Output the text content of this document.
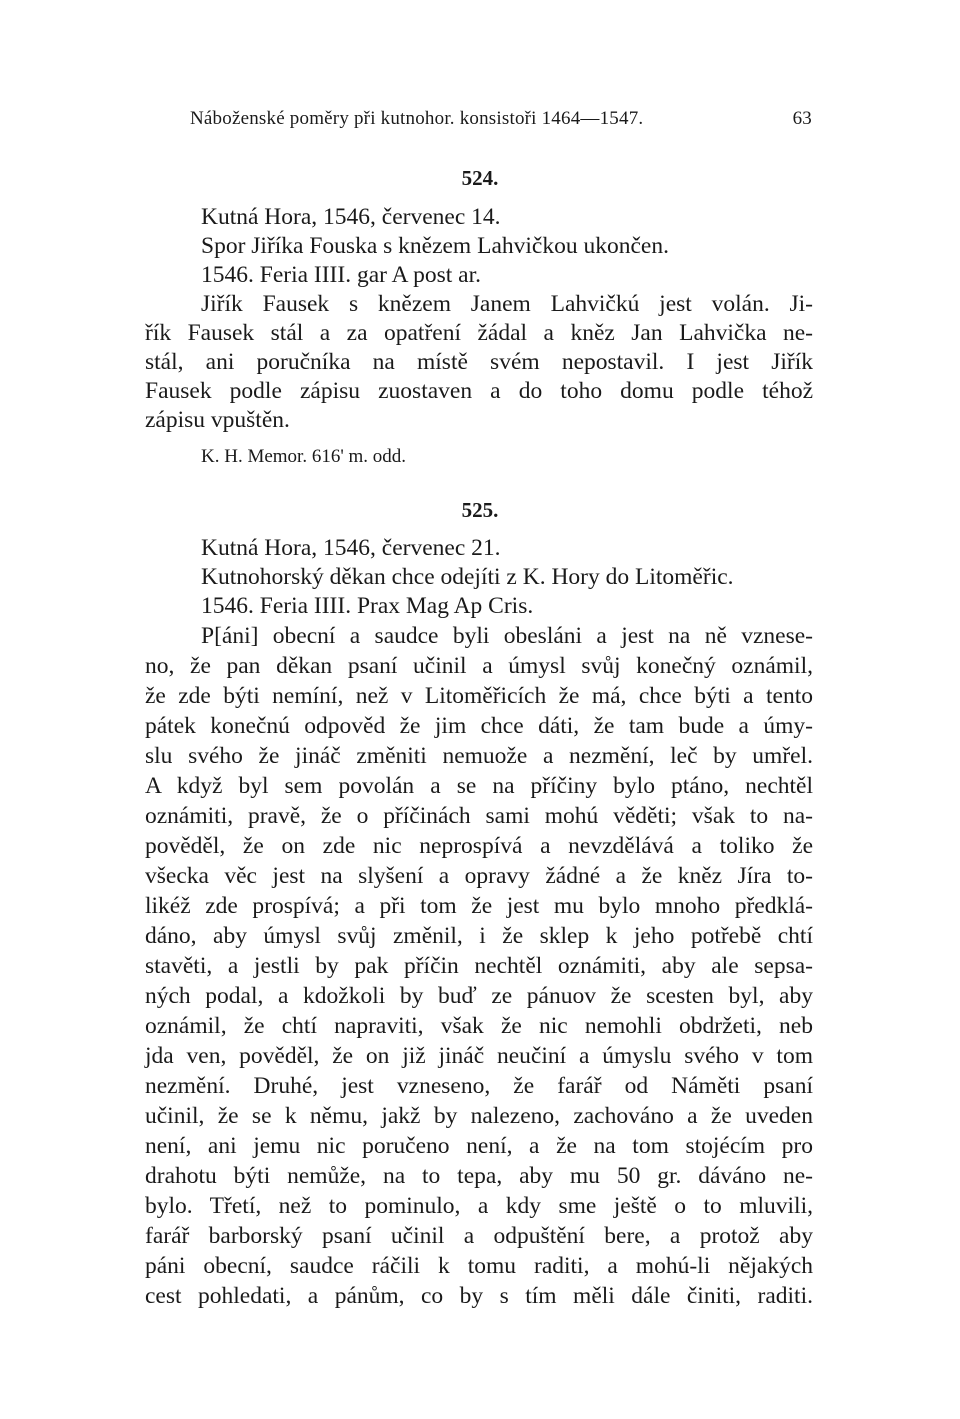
Náboženské poměry při kutnohor. konsistoři 1464—1547.	63
524.
Kutná Hora, 1546, červenec 14.
Spor Jiříka Fouska s knězem Lahvičkou ukončen.
1546. Feria IIII. gar A post ar.
Jiřík Fausek s knězem Janem Lahvičkú jest volán. Ji-
řík Fausek stál a za opatření žádal a kněz Jan Lahvička ne-
stál, ani poručníka na místě svém nepostavil. I jest Jiřík
Fausek podle zápisu zuostaven a do toho domu podle téhož
zápisu vpuštěn.
K. H. Memor. 616' m. odd.
525.
Kutná Hora, 1546, červenec 21.
Kutnohorský děkan chce odejíti z K. Hory do Litoměřic.
1546. Feria IIII. Prax Mag Ap Cris.
P[áni] obecní a saudce byli obesláni a jest na ně vznese-
no, že pan děkan psaní učinil a úmysl svůj konečný oznámil,
že zde býti nemíní, než v Litoměřicích že má, chce býti a tento
pátek konečnú odpověd že jim chce dáti, že tam bude a úmy-
slu svého že jináč změniti nemuože a nezmění, leč by umřel.
A když byl sem povolán a se na příčiny bylo ptáno, nechtěl
oznámiti, pravě, že o příčinách sami mohú věděti; však to na-
pověděl, že on zde nic neprospívá a nevzdělává a toliko že
všecka věc jest na slyšení a opravy žádné a že kněz Jíra to-
likéž zde prospívá; a při tom že jest mu bylo mnoho předklá-
dáno, aby úmysl svůj změnil, i že sklep k jeho potřebě chtí
stavěti, a jestli by pak příčin nechtěl oznámiti, aby ale sepsa-
ných podal, a kdožkoli by buď ze pánuov že scesten byl, aby
oznámil, že chtí napraviti, však že nic nemohli obdržeti, neb
jda ven, pověděl, že on již jináč neučiní a úmyslu svého v tom
nezmění. Druhé, jest vzneseno, že farář od Náměti psaní
učinil, že se k němu, jakž by nalezeno, zachováno a že uveden
není, ani jemu nic poručeno není, a že na tom stojécím pro
drahotu býti nemůže, na to tepa, aby mu 50 gr. dáváno ne-
bylo. Třetí, než to pominulo, a kdy sme ještě o to mluvili,
farář barborský psaní učinil a odpuštění bere, a protož aby
páni obecní, saudce ráčili k tomu raditi, a mohú-li nějakých
cest pohledati, a pánům, co by s tím měli dále činiti, raditi.
